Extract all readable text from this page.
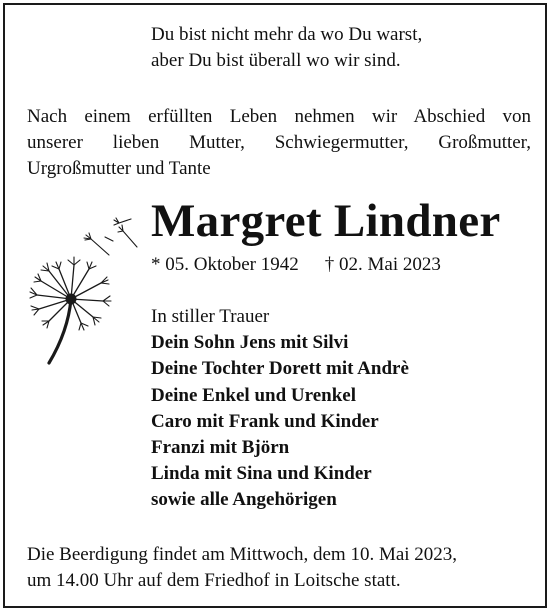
Du bist nicht mehr da wo Du warst,
aber Du bist überall wo wir sind.
Nach einem erfüllten Leben nehmen wir Abschied von
unserer lieben Mutter, Schwiegermutter, Großmutter,
Urgroßmutter und Tante
Margret Lindner
* 05. Oktober 1942 † 02. Mai 2023
In stiller Trauer
Dein Sohn Jens mit Silvi
Deine Tochter Dorett mit Andrè
Deine Enkel und Urenkel
Caro mit Frank und Kinder
Franzi mit Björn
Linda mit Sina und Kinder
sowie alle Angehörigen
Die Beerdigung findet am Mittwoch, dem 10. Mai 2023,
um 14.00 Uhr auf dem Friedhof in Loitsche statt.
